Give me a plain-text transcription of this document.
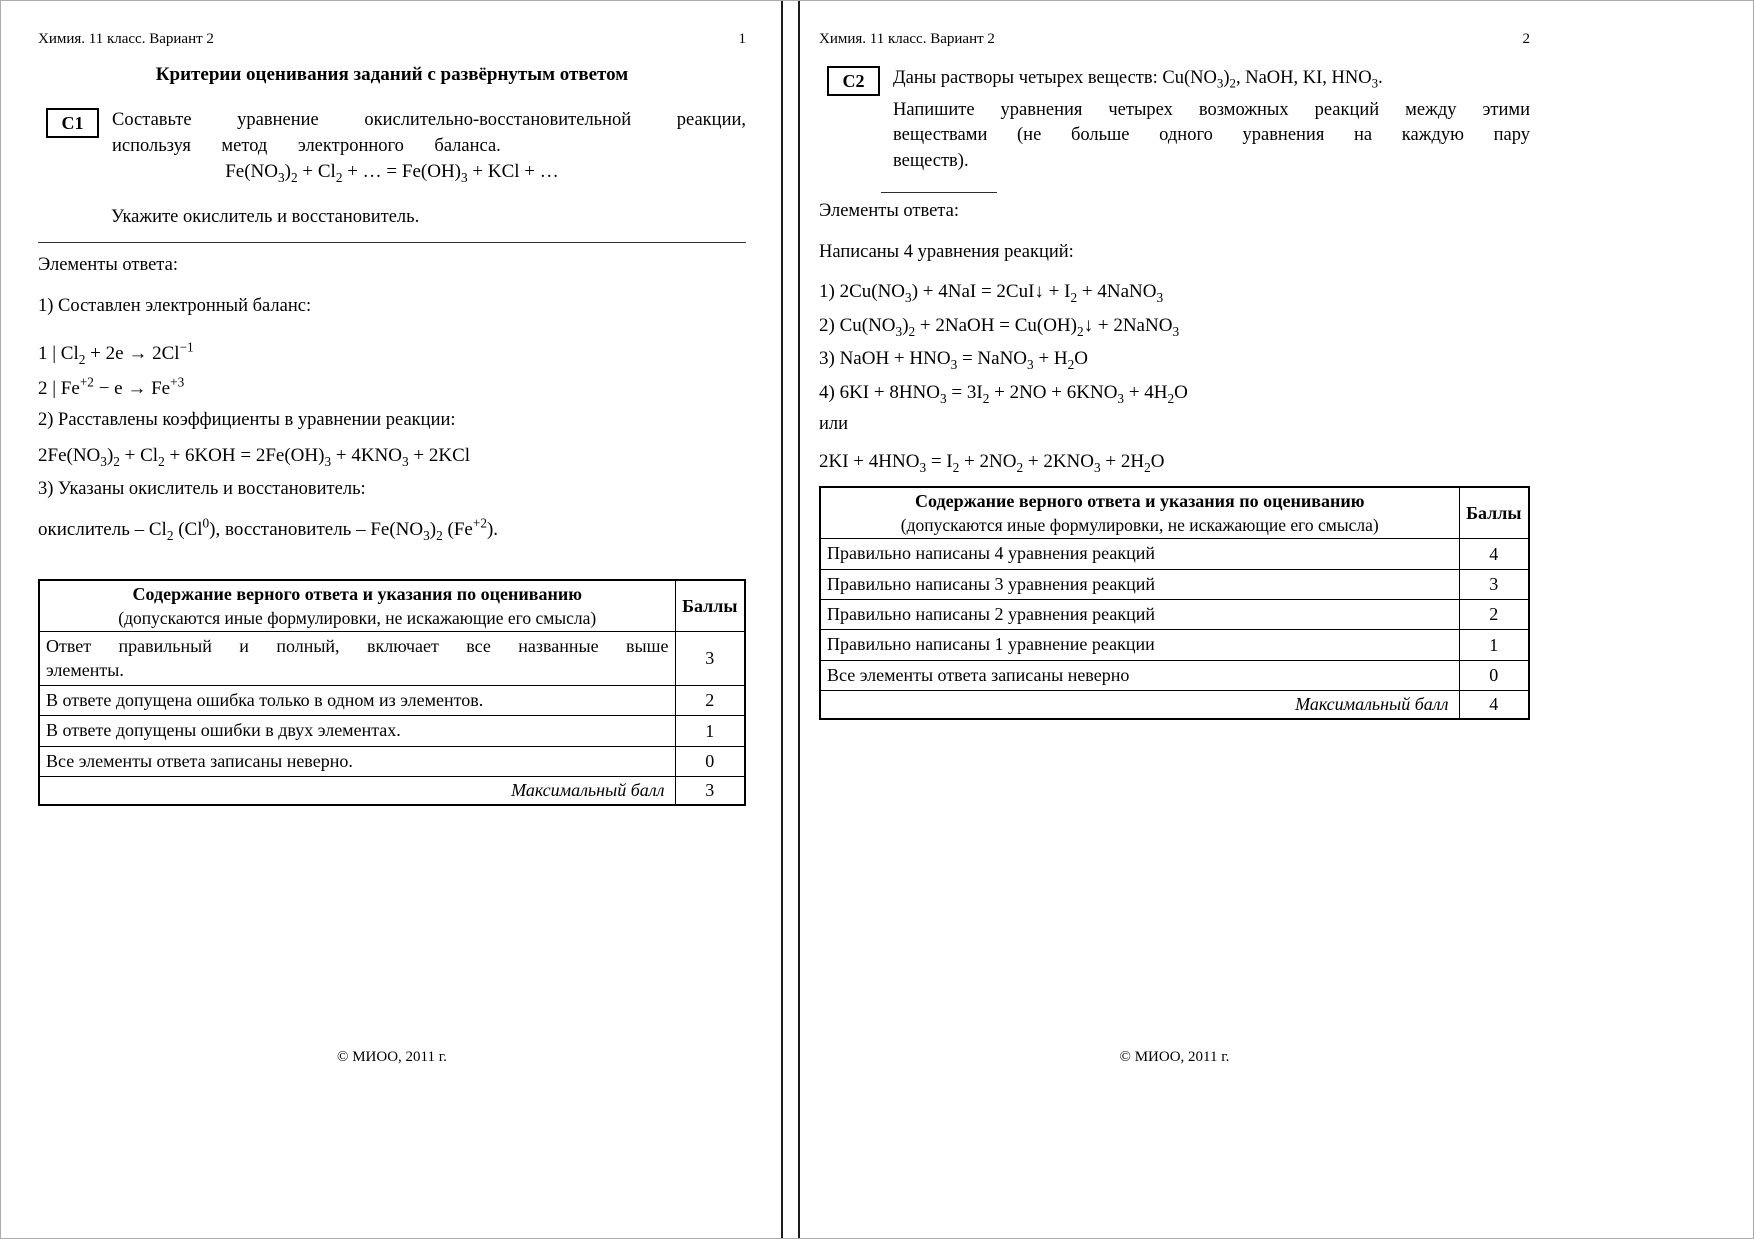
Химия. 11 класс. Вариант 2	1
Критерии оценивания заданий с развёрнутым ответом
С1 Составьте уравнение окислительно-восстановительной реакции, используя метод электронного баланса.

$Fe(NO_3)_2 + Cl_2$ + … = $Fe(OH)_3$ + KCl + …

Укажите окислитель и восстановитель.

Элементы ответа:

1) Составлен электронный баланс:

1 | $Cl_2 + 2e \to 2Cl^{-1}$

2 | $Fe^{+2} - e \to Fe^{+3}$

2) Расставлены коэффициенты в уравнении реакции:

$2Fe(NO_3)_2 + Cl_2 + 6KOH = 2Fe(OH)_3 + 4KNO_3 + 2KCl$

3) Указаны окислитель и восстановитель:

окислитель – $Cl_2$ (Cl$^0$), восстановитель – $Fe(NO_3)_2$ $(Fe^{+2})$.

Содержание верного ответа и указания по оцениванию
(допускаются иные формулировки, не искажающие его смысла)	Баллы
Ответ правильный и полный, включает все названные выше элементы.	3
В ответе допущена ошибка только в одном из элементов.	2
В ответе допущены ошибки в двух элементах.	1
Все элементы ответа записаны неверно.	0
Максимальный балл	3
© МИОО, 2011 г.
Химия. 11 класс. Вариант 2	2
С2 Даны растворы четырех веществ: $Cu(NO_3)_2$, NaOH, KI, $HNO_3$.

Напишите уравнения четырех возможных реакций между этими веществами (не больше одного уравнения на каждую пару веществ).

Элементы ответа:

Написаны 4 уравнения реакций:

1) $2Cu(NO_3) + 4NaI$ = 2CuI↓ + $I_2$ + 4NaNO$_3$

2) $Cu(NO_3)_2$ + 2NaOH = $Cu(OH)_2↓$ + 2NaNO$_3$

3) NaOH + $HNO_3$ = NaNO$_3$ + $H_2O$

4) $6KI + 8HNO_3 = 3I_2 + 2NO + 6KNO_3 + 4H_2O$

или

$2KI + 4HNO_3 = I_2 + 2NO_2 + 2KNO_3 + 2H_2O$

Содержание верного ответа и указания по оцениванию
(допускаются иные формулировки, не искажающие его смысла)	Баллы
Правильно написаны 4 уравнения реакций	4
Правильно написаны 3 уравнения реакций	3
Правильно написаны 2 уравнения реакций	2
Правильно написаны 1 уравнение реакции	1
Все элементы ответа записаны неверно	0
Максимальный балл	4
© МИОО, 2011 г.
